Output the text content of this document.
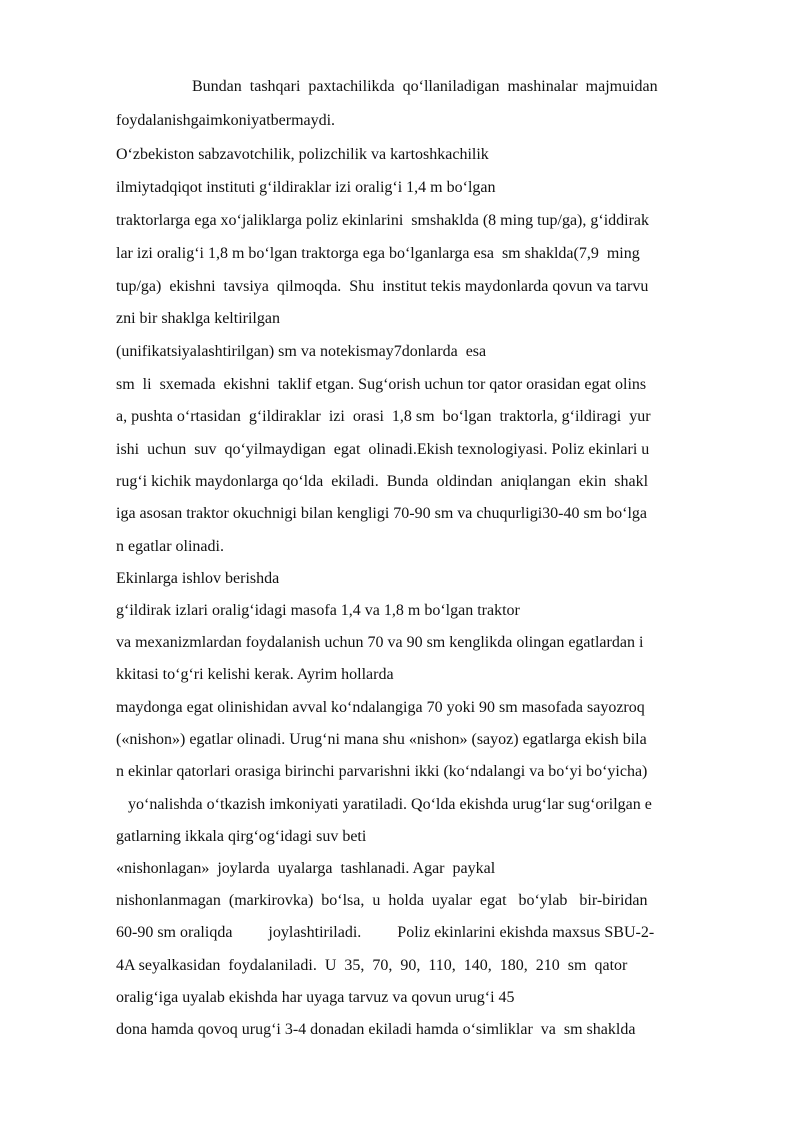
Bundan  tashqari  paxtachilikda  qo‘llaniladigan  mashinalar  majmuidan
foydalanishgaimkoniyatbermaydi.
O‘zbekiston sabzavotchilik, polizchilik va kartoshkachilik
ilmiytadqiqot instituti g‘ildiraklar izi oralig‘i 1,4 m bo‘lgan
traktorlarga ega xo‘jaliklarga poliz ekinlarini  smshaklda (8 ming tup/ga), g‘iddirak
lar izi oralig‘i 1,8 m bo‘lgan traktorga ega bo‘lganlarga esa  sm shaklda(7,9  ming
tup/ga)  ekishni  tavsiya  qilmoqda.  Shu  institut tekis maydonlarda qovun va tarvu
zni bir shaklga keltirilgan
(unifikatsiyalashtirilgan) sm va notekismay7donlarda  esa
sm  li  sxemada  ekishni  taklif etgan. Sug‘orish uchun tor qator orasidan egat olins
a, pushta o‘rtasidan  g‘ildiraklar  izi  orasi  1,8 sm  bo‘lgan  traktorla, g‘ildiragi  yur
ishi  uchun  suv  qo‘yilmaydigan  egat  olinadi.Ekish texnologiyasi. Poliz ekinlari u
rug‘i kichik maydonlarga qo‘lda  ekiladi.  Bunda  oldindan  aniqlangan  ekin  shakl
iga asosan traktor okuchnigi bilan kengligi 70-90 sm va chuqurligi30-40 sm bo‘lga
n egatlar olinadi.
Ekinlarga ishlov berishda
g‘ildirak izlari oralig‘idagi masofa 1,4 va 1,8 m bo‘lgan traktor
va mexanizmlardan foydalanish uchun 70 va 90 sm kenglikda olingan egatlardan i
kkitasi to‘g‘ri kelishi kerak. Ayrim hollarda
maydonga egat olinishidan avval ko‘ndalangiga 70 yoki 90 sm masofada sayozroq
(«nishon») egatlar olinadi. Urug‘ni mana shu «nishon» (sayoz) egatlarga ekish bila
n ekinlar qatorlari orasiga birinchi parvarishni ikki (ko‘ndalangi va bo‘yi bo‘yicha)
yo‘nalishda o‘tkazish imkoniyati yaratiladi. Qo‘lda ekishda urug‘lar sug‘orilgan e
gatlarning ikkala qirg‘og‘idagi suv beti
«nishonlagan»  joylarda  uyalarga  tashlanadi. Agar  paykal
nishonlanmagan  (markirovka)  bo‘lsa,  u  holda  uyalar  egat   bo‘ylab   bir-biridan
60-90 sm oraliqda         joylashtiriladi.         Poliz ekinlarini ekishda maxsus SBU-2-
4A seyalkasidan  foydalaniladi.  U  35,  70,  90,  110,  140,  180,  210  sm  qator
oralig‘iga uyalab ekishda har uyaga tarvuz va qovun urug‘i 45
dona hamda qovoq urug‘i 3-4 donadan ekiladi hamda o‘simliklar  va  sm shaklda
